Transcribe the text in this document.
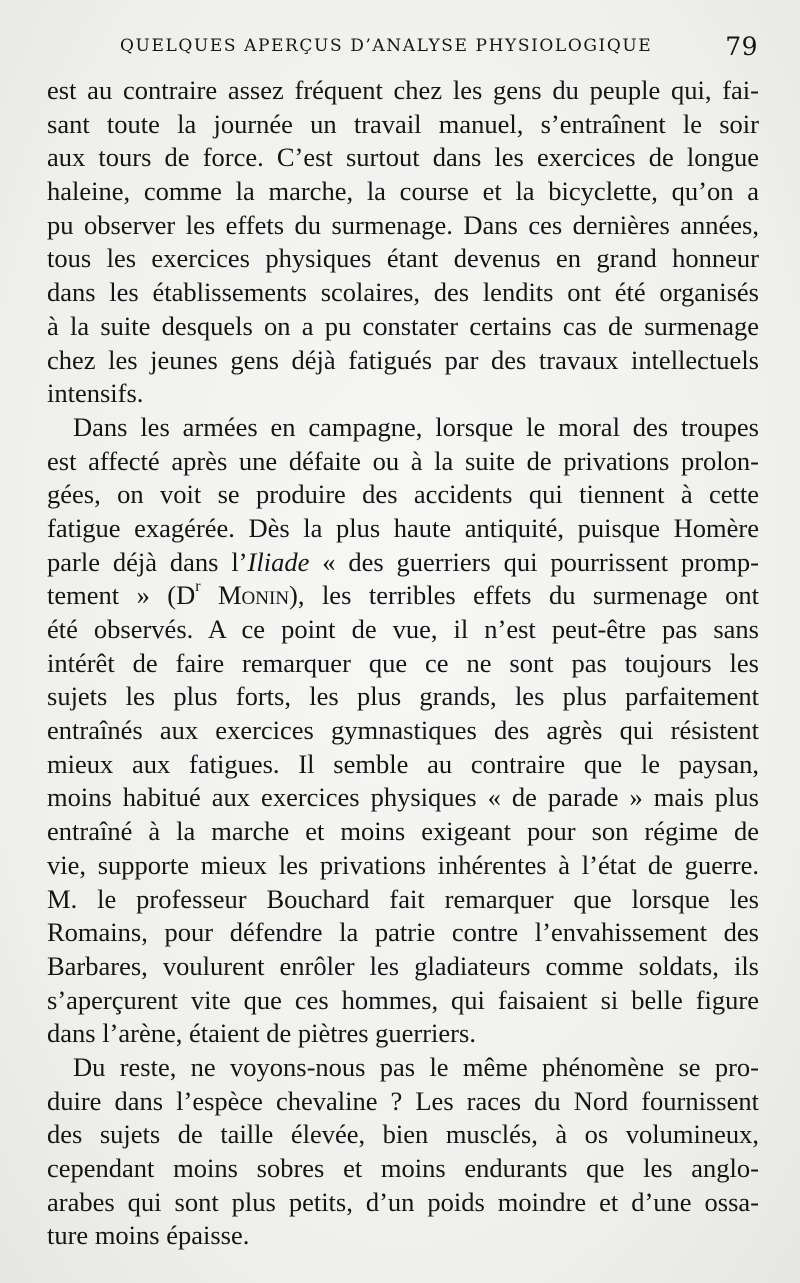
QUELQUES APERÇUS D’ANALYSE PHYSIOLOGIQUE	79
est au contraire assez fréquent chez les gens du peuple qui, fai-
sant toute la journée un travail manuel, s’entraînent le soir
aux tours de force. C’est surtout dans les exercices de longue
haleine, comme la marche, la course et la bicyclette, qu’on a
pu observer les effets du surmenage. Dans ces dernières années,
tous les exercices physiques étant devenus en grand honneur
dans les établissements scolaires, des lendits ont été organisés
à la suite desquels on a pu constater certains cas de surmenage
chez les jeunes gens déjà fatigués par des travaux intellectuels
intensifs.
Dans les armées en campagne, lorsque le moral des troupes
est affecté après une défaite ou à la suite de privations prolon-
gées, on voit se produire des accidents qui tiennent à cette
fatigue exagérée. Dès la plus haute antiquité, puisque Homère
parle déjà dans l’Iliade « des guerriers qui pourrissent promp-
tement » ($D^r$ Monin), les terribles effets du surmenage ont
été observés. A ce point de vue, il n’est peut-être pas sans
intérêt de faire remarquer que ce ne sont pas toujours les
sujets les plus forts, les plus grands, les plus parfaitement
entraînés aux exercices gymnastiques des agrès qui résistent
mieux aux fatigues. Il semble au contraire que le paysan,
moins habitué aux exercices physiques « de parade » mais plus
entraîné à la marche et moins exigeant pour son régime de
vie, supporte mieux les privations inhérentes à l’état de guerre.
M. le professeur Bouchard fait remarquer que lorsque les
Romains, pour défendre la patrie contre l’envahissement des
Barbares, voulurent enrôler les gladiateurs comme soldats, ils
s’aperçurent vite que ces hommes, qui faisaient si belle figure
dans l’arène, étaient de piètres guerriers.
Du reste, ne voyons-nous pas le même phénomène se pro-
duire dans l’espèce chevaline ? Les races du Nord fournissent
des sujets de taille élevée, bien musclés, à os volumineux,
cependant moins sobres et moins endurants que les anglo-
arabes qui sont plus petits, d’un poids moindre et d’une ossa-
ture moins épaisse.
